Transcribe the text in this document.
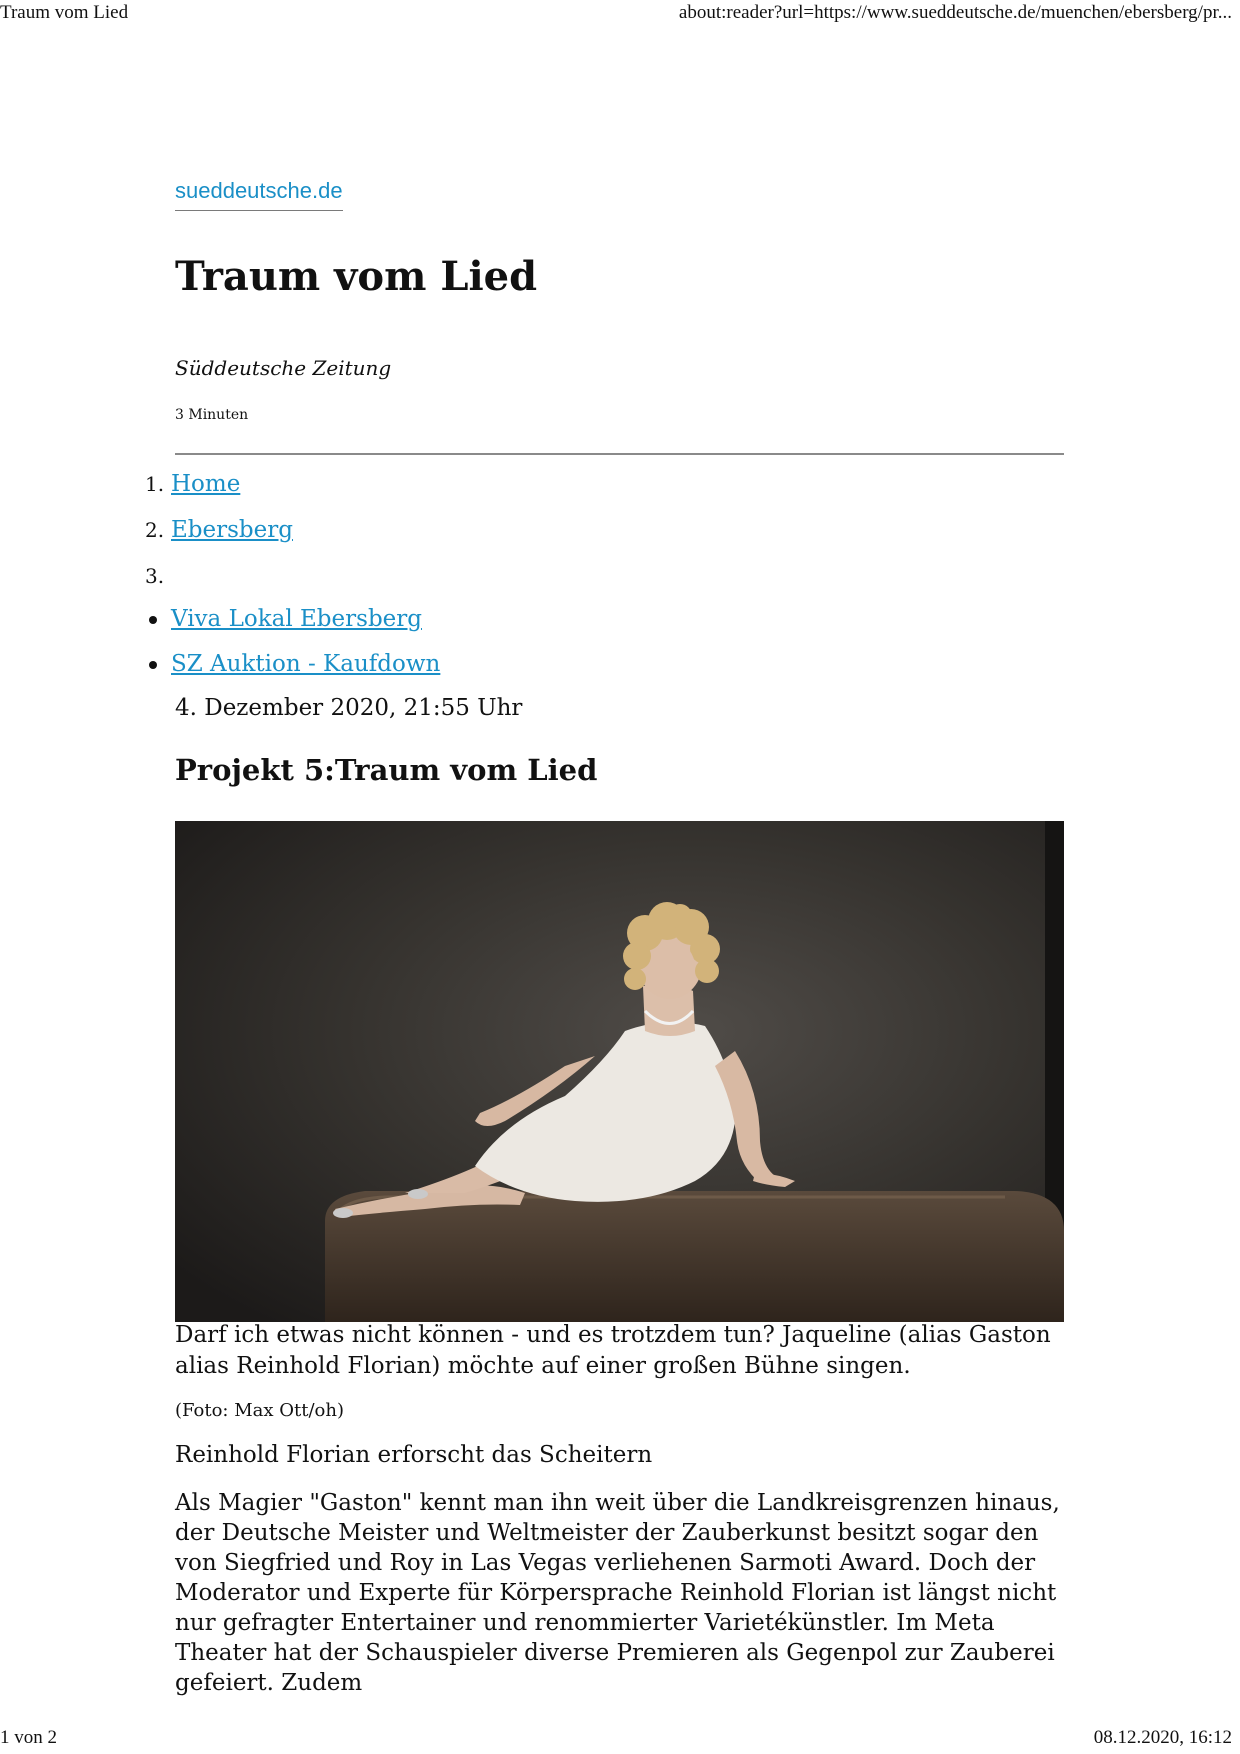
Traum vom Lied	about:reader?url=https://www.sueddeutsche.de/muenchen/ebersberg/pr...
sueddeutsche.de
Traum vom Lied
Süddeutsche Zeitung
3 Minuten
1. Home
2. Ebersberg
3.
Viva Lokal Ebersberg
SZ Auktion - Kaufdown
4. Dezember 2020, 21:55 Uhr
Projekt 5:Traum vom Lied
Darf ich etwas nicht können - und es trotzdem tun? Jaqueline (alias Gaston alias Reinhold Florian) möchte auf einer großen Bühne singen.
(Foto: Max Ott/oh)
Reinhold Florian erforscht das Scheitern
Als Magier "Gaston" kennt man ihn weit über die Landkreisgrenzen hinaus, der Deutsche Meister und Weltmeister der Zauberkunst besitzt sogar den von Siegfried und Roy in Las Vegas verliehenen Sarmoti Award. Doch der Moderator und Experte für Körpersprache Reinhold Florian ist längst nicht nur gefragter Entertainer und renommierter Varietékünstler. Im Meta Theater hat der Schauspieler diverse Premieren als Gegenpol zur Zauberei gefeiert. Zudem
1 von 2	08.12.2020, 16:12
